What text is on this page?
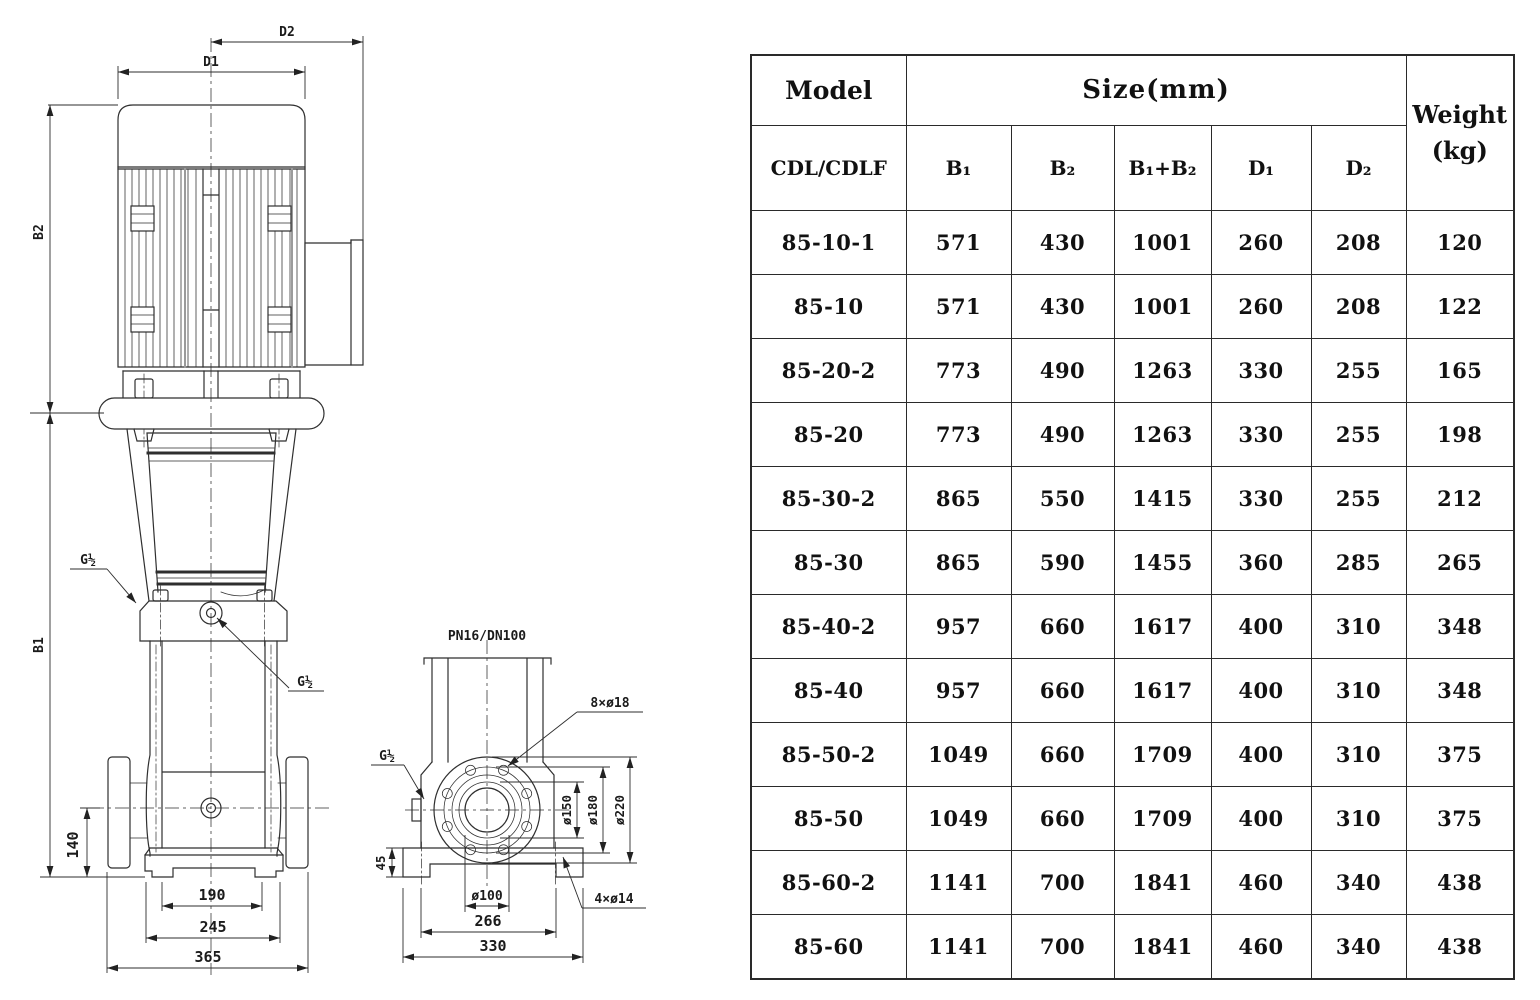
D2
D1
B2
B1
140
190
245
365
G½
G½
PN16/DN100
8×ø18
G½
ø150 ø180 ø220
45
ø100
266
330
4×ø14
Model	Size(mm)					Weight
(kg)

CDL/CDLF	B₁	B₂	B₁+B₂	D₁	D₂	
85-10-1	571	430	1001	260	208	120
85-10	571	430	1001	260	208	122
85-20-2	773	490	1263	330	255	165
85-20	773	490	1263	330	255	198
85-30-2	865	550	1415	330	255	212
85-30	865	590	1455	360	285	265
85-40-2	957	660	1617	400	310	348
85-40	957	660	1617	400	310	348
85-50-2	1049	660	1709	400	310	375
85-50	1049	660	1709	400	310	375
85-60-2	1141	700	1841	460	340	438
85-60	1141	700	1841	460	340	438
